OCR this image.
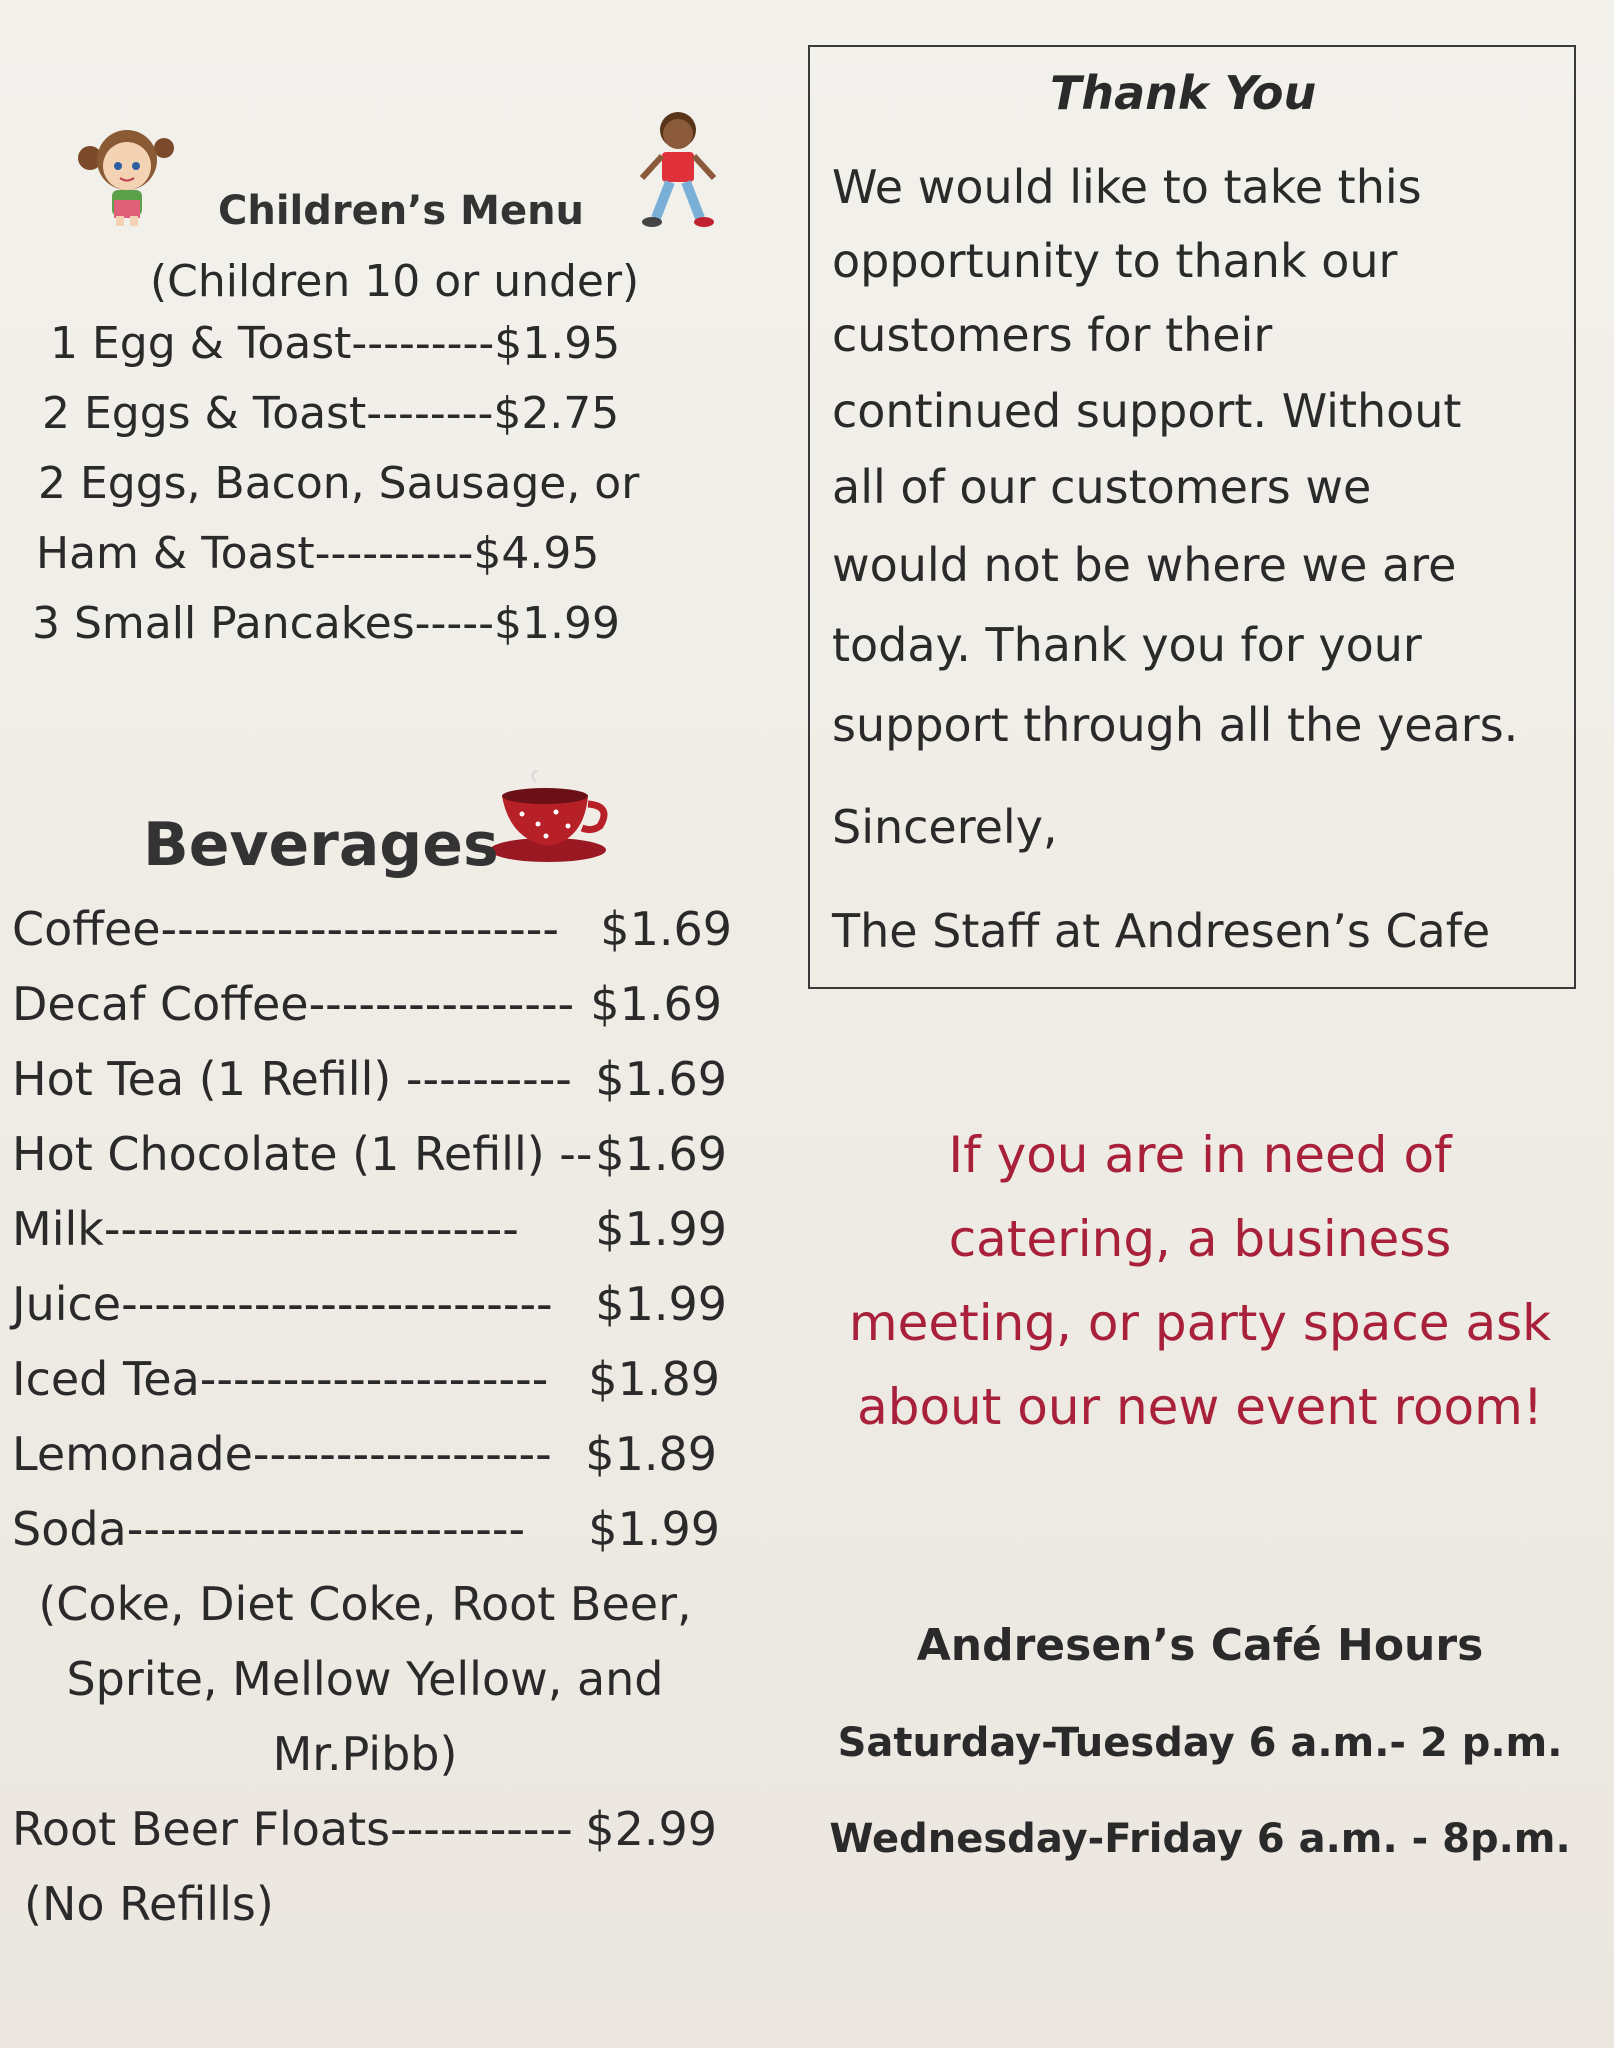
Children’s Menu
(Children 10 or under)
1 Egg & Toast---------$1.95
2 Eggs & Toast--------$2.75
2 Eggs, Bacon, Sausage, or
Ham & Toast----------$4.95
3 Small Pancakes-----$1.99
Beverages
Coffee------------------------ $1.69
Decaf Coffee---------------- $1.69
Hot Tea (1 Refill) ---------- $1.69
Hot Chocolate (1 Refill) -- $1.69
Milk------------------------- $1.99
Juice-------------------------- $1.99
Iced Tea--------------------- $1.89
Lemonade------------------ $1.89
Soda------------------------ $1.99
(Coke, Diet Coke, Root Beer,
Sprite, Mellow Yellow, and
Mr.Pibb)
Root Beer Floats----------- $2.99
(No Refills)
Thank You
We would like to take this
opportunity to thank our
customers for their
continued support. Without
all of our customers we
would not be where we are
today. Thank you for your
support through all the years.
Sincerely,
The Staff at Andresen’s Cafe
If you are in need of
catering, a business
meeting, or party space ask
about our new event room!
Andresen’s Café Hours
Saturday-Tuesday 6 a.m.- 2 p.m.
Wednesday-Friday 6 a.m. - 8p.m.
